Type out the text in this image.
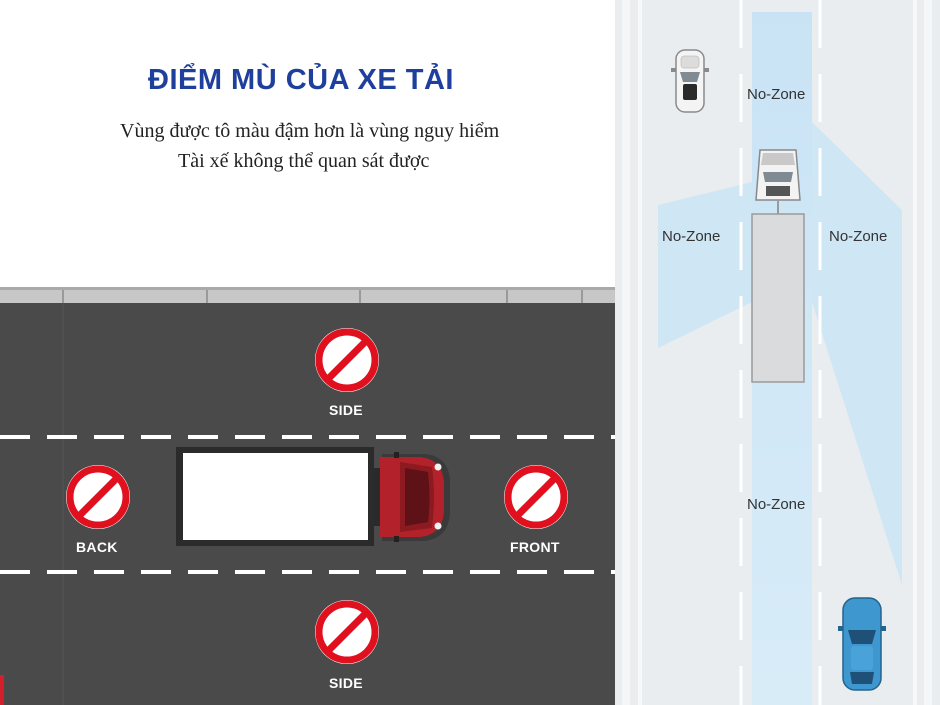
ĐIỂM MÙ CỦA XE TẢI
Vùng được tô màu đậm hơn là vùng nguy hiểm
Tài xế không thể quan sát được
SIDE
BACK	FRONT
SIDE
No-Zone
No-Zone	No-Zone
No-Zone
